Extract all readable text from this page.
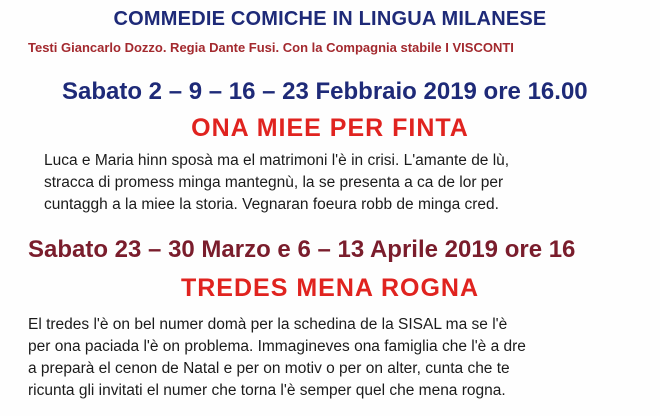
COMMEDIE COMICHE IN LINGUA MILANESE
Testi Giancarlo Dozzo. Regia Dante Fusi. Con la Compagnia stabile I VISCONTI
Sabato 2 – 9 – 16 – 23 Febbraio 2019 ore 16.00
ONA MIEE PER FINTA
Luca e Maria hinn sposà ma el matrimoni l'è in crisi. L'amante de lù,
stracca di promess minga mantegnù, la se presenta a ca de lor per
cuntaggh a la miee la storia. Vegnaran foeura robb de minga cred.
Sabato 23 – 30 Marzo e 6 – 13 Aprile 2019 ore 16
TREDES MENA ROGNA
El tredes l'è on bel numer domà per la schedina de la SISAL ma se l'è
per ona paciada l'è on problema. Immagineves ona famiglia che l'è a dre
a preparà el cenon de Natal e per on motiv o per on alter, cunta che te
ricunta gli invitati el numer che torna l'è semper quel che mena rogna.
